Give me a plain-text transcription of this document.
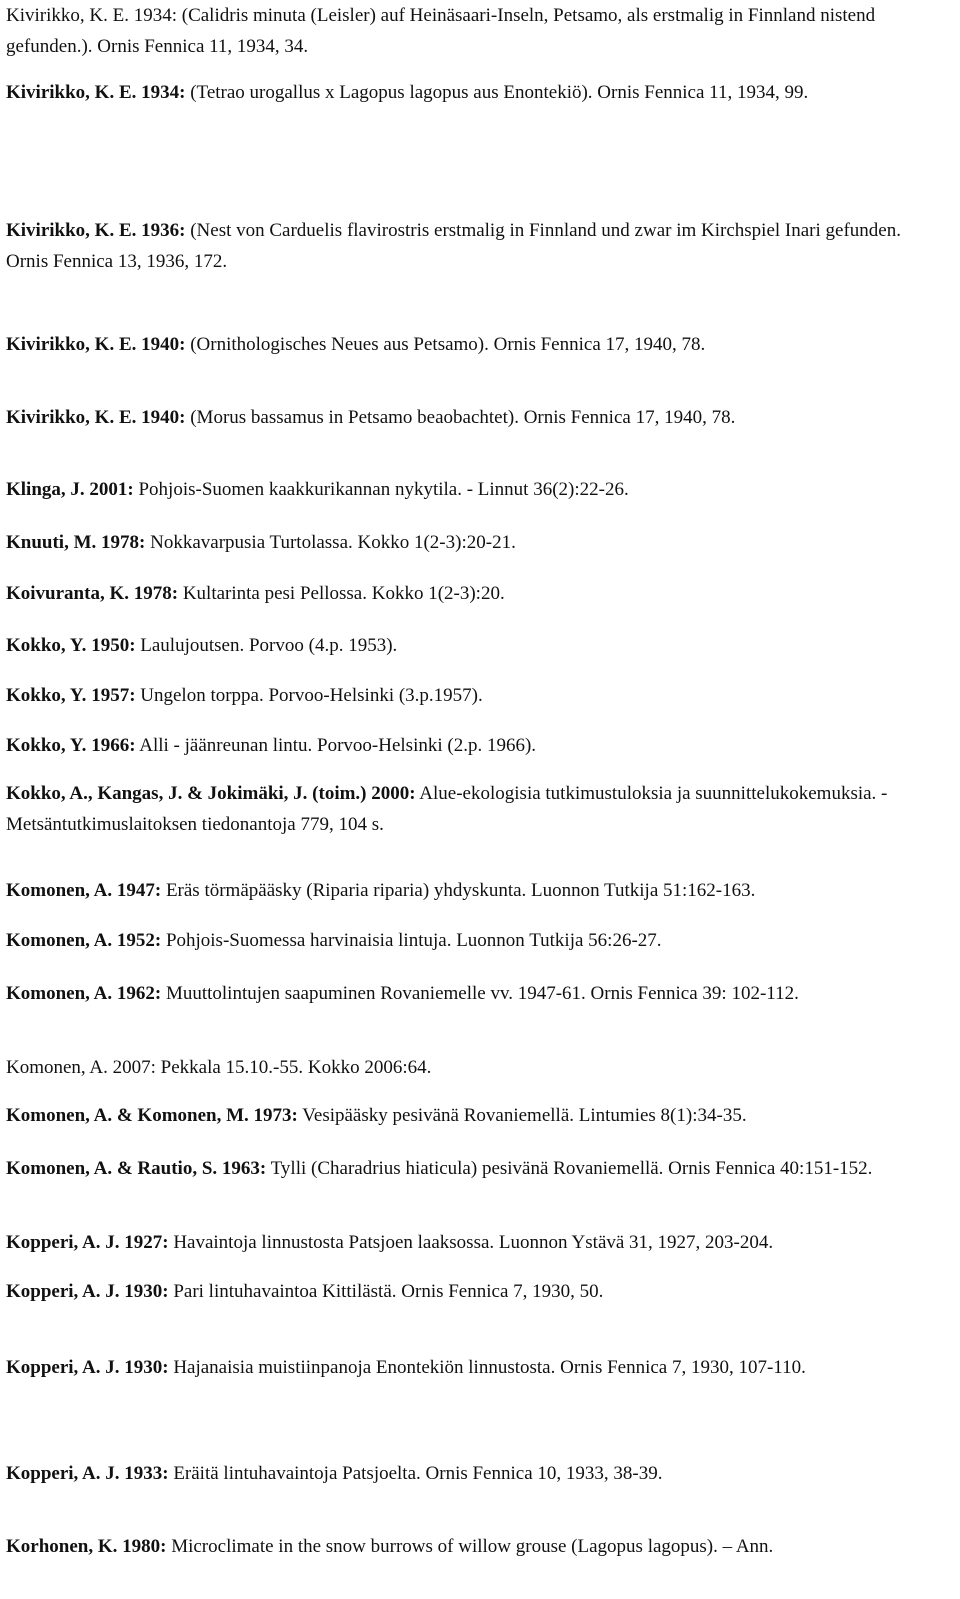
Kivirikko, K. E. 1934: (Calidris minuta (Leisler) auf Heinäsaari-Inseln, Petsamo, als erstmalig in Finnland nistend gefunden.). Ornis Fennica 11, 1934, 34.
Kivirikko, K. E. 1934: (Tetrao urogallus x Lagopus lagopus aus Enontekiö). Ornis Fennica 11, 1934, 99.
Kivirikko, K. E. 1936: (Nest von Carduelis flavirostris erstmalig in Finnland und zwar im Kirchspiel Inari gefunden. Ornis Fennica 13, 1936, 172.
Kivirikko, K. E. 1940: (Ornithologisches Neues aus Petsamo). Ornis Fennica 17, 1940, 78.
Kivirikko, K. E. 1940: (Morus bassamus in Petsamo beaobachtet). Ornis Fennica 17, 1940, 78.
Klinga, J. 2001: Pohjois-Suomen kaakkurikannan nykytila. - Linnut 36(2):22-26.
Knuuti, M. 1978: Nokkavarpusia Turtolassa. Kokko 1(2-3):20-21.
Koivuranta, K. 1978: Kultarinta pesi Pellossa. Kokko 1(2-3):20.
Kokko, Y. 1950: Laulujoutsen. Porvoo (4.p. 1953).
Kokko, Y. 1957: Ungelon torppa. Porvoo-Helsinki (3.p.1957).
Kokko, Y. 1966: Alli - jäänreunan lintu. Porvoo-Helsinki (2.p. 1966).
Kokko, A., Kangas, J. & Jokimäki, J. (toim.) 2000: Alue-ekologisia tutkimustuloksia ja suunnittelukokemuksia. -Metsäntutkimuslaitoksen tiedonantoja 779, 104 s.
Komonen, A. 1947: Eräs törmäpääsky (Riparia riparia) yhdyskunta. Luonnon Tutkija 51:162-163.
Komonen, A. 1952: Pohjois-Suomessa harvinaisia lintuja. Luonnon Tutkija 56:26-27.
Komonen, A. 1962: Muuttolintujen saapuminen Rovaniemelle vv. 1947-61. Ornis Fennica 39: 102-112.
Komonen, A. 2007: Pekkala 15.10.-55. Kokko 2006:64.
Komonen, A. & Komonen, M. 1973: Vesipääsky pesivänä Rovaniemellä. Lintumies 8(1):34-35.
Komonen, A. & Rautio, S. 1963: Tylli (Charadrius hiaticula) pesivänä Rovaniemellä. Ornis Fennica 40:151-152.
Kopperi, A. J. 1927: Havaintoja linnustosta Patsjoen laaksossa. Luonnon Ystävä 31, 1927, 203-204.
Kopperi, A. J. 1930: Pari lintuhavaintoa Kittilästä. Ornis Fennica 7, 1930, 50.
Kopperi, A. J. 1930: Hajanaisia muistiinpanoja Enontekiön linnustosta. Ornis Fennica 7, 1930, 107-110.
Kopperi, A. J. 1933: Eräitä lintuhavaintoja Patsjoelta. Ornis Fennica 10, 1933, 38-39.
Korhonen, K. 1980: Microclimate in the snow burrows of willow grouse (Lagopus lagopus). – Ann.
